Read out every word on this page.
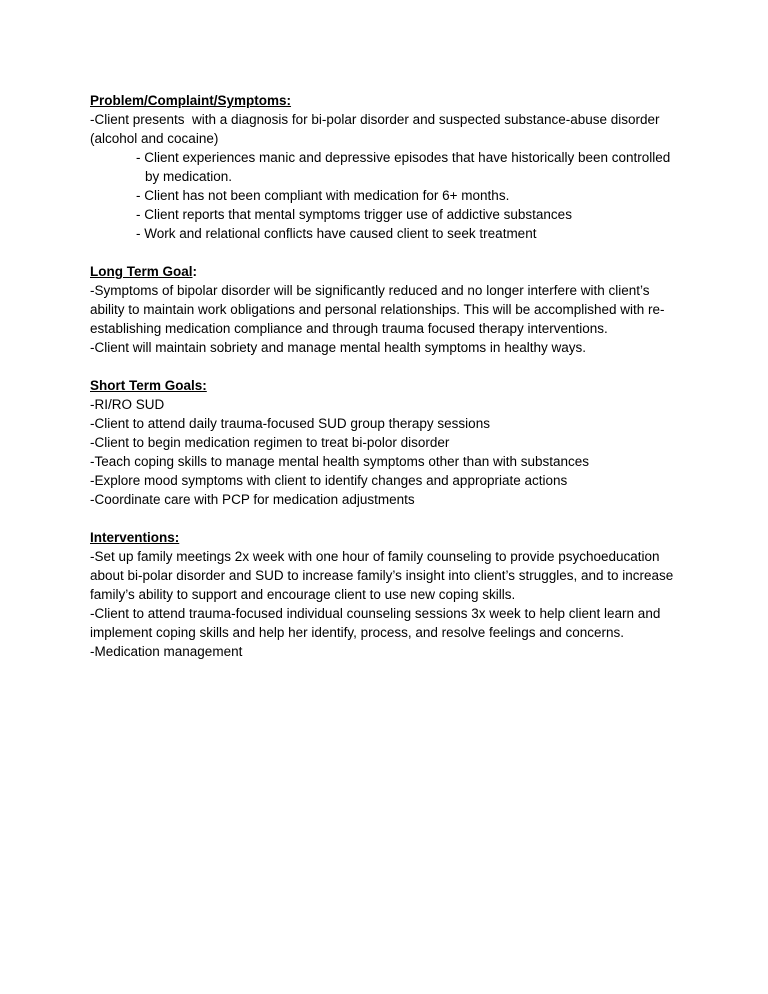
Problem/Complaint/Symptoms:

-Client presents  with a diagnosis for bi-polar disorder and suspected substance-abuse disorder (alcohol and cocaine)

- Client experiences manic and depressive episodes that have historically been controlled by medication.

- Client has not been compliant with medication for 6+ months.

- Client reports that mental symptoms trigger use of addictive substances

- Work and relational conflicts have caused client to seek treatment

Long Term Goal:

-Symptoms of bipolar disorder will be significantly reduced and no longer interfere with client’s ability to maintain work obligations and personal relationships. This will be accomplished with re-establishing medication compliance and through trauma focused therapy interventions.

-Client will maintain sobriety and manage mental health symptoms in healthy ways.

Short Term Goals:

-RI/RO SUD

-Client to attend daily trauma-focused SUD group therapy sessions

-Client to begin medication regimen to treat bi-polor disorder

-Teach coping skills to manage mental health symptoms other than with substances

-Explore mood symptoms with client to identify changes and appropriate actions

-Coordinate care with PCP for medication adjustments

Interventions:

-Set up family meetings 2x week with one hour of family counseling to provide psychoeducation about bi-polar disorder and SUD to increase family’s insight into client’s struggles, and to increase family’s ability to support and encourage client to use new coping skills.

-Client to attend trauma-focused individual counseling sessions 3x week to help client learn and implement coping skills and help her identify, process, and resolve feelings and concerns.

-Medication management
